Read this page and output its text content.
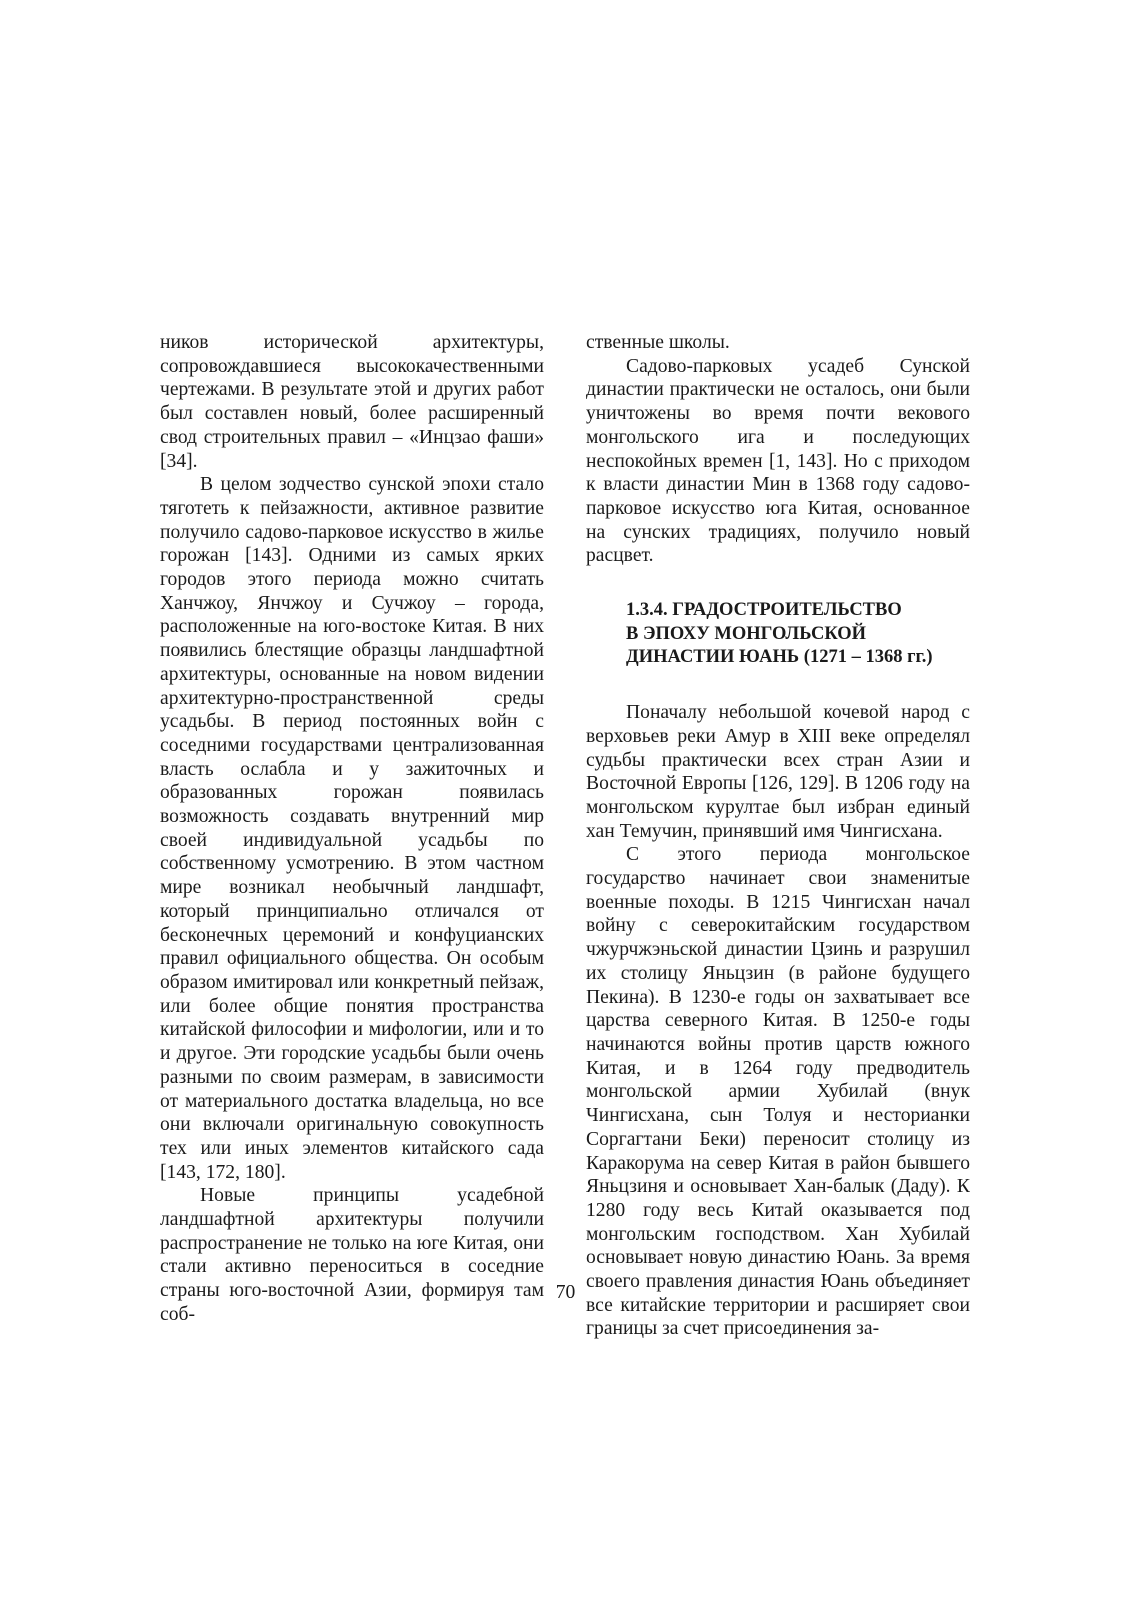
ников исторической архитектуры, сопровождавшиеся высококачественными чертежами. В результате этой и других работ был составлен новый, более расширенный свод строительных правил – «Инцзао фаши» [34].

В целом зодчество сунской эпохи стало тяготеть к пейзажности, активное развитие получило садово-парковое искусство в жилье горожан [143]. Одними из самых ярких городов этого периода можно считать Ханчжоу, Янчжоу и Сучжоу – города, расположенные на юго-востоке Китая. В них появились блестящие образцы ландшафтной архитектуры, основанные на новом видении архитектурно-пространственной среды усадьбы. В период постоянных войн с соседними государствами централизованная власть ослабла и у зажиточных и образованных горожан появилась возможность создавать внутренний мир своей индивидуальной усадьбы по собственному усмотрению. В этом частном мире возникал необычный ландшафт, который принципиально отличался от бесконечных церемоний и конфуцианских правил официального общества. Он особым образом имитировал или конкретный пейзаж, или более общие понятия пространства китайской философии и мифологии, или и то и другое. Эти городские усадьбы были очень разными по своим размерам, в зависимости от материального достатка владельца, но все они включали оригинальную совокупность тех или иных элементов китайского сада [143, 172, 180].

Новые принципы усадебной ландшафтной архитектуры получили распространение не только на юге Китая, они стали активно переноситься в соседние страны юго-восточной Азии, формируя там соб-

ственные школы.

Садово-парковых усадеб Сунской династии практически не осталось, они были уничтожены во время почти векового монгольского ига и последующих неспокойных времен [1, 143]. Но с приходом к власти династии Мин в 1368 году садово-парковое искусство юга Китая, основанное на сунских традициях, получило новый расцвет.

1.3.4. ГРАДОСТРОИТЕЛЬСТВО
В ЭПОХУ МОНГОЛЬСКОЙ
ДИНАСТИИ ЮАНЬ (1271 – 1368 гг.)

Поначалу небольшой кочевой народ с верховьев реки Амур в XIII веке определял судьбы практически всех стран Азии и Восточной Европы [126, 129]. В 1206 году на монгольском курултае был избран единый хан Темучин, принявший имя Чингисхана.

С этого периода монгольское государство начинает свои знаменитые военные походы. В 1215 Чингисхан начал войну с северокитайским государством чжурчжэньской династии Цзинь и разрушил их столицу Яньцзин (в районе будущего Пекина). В 1230-е годы он захватывает все царства северного Китая. В 1250-е годы начинаются войны против царств южного Китая, и в 1264 году предводитель монгольской армии Хубилай (внук Чингисхана, сын Толуя и несторианки Соргагтани Беки) переносит столицу из Каракорума на север Китая в район бывшего Яньцзиня и основывает Хан-балык (Даду). К 1280 году весь Китай оказывается под монгольским господством. Хан Хубилай основывает новую династию Юань. За время своего правления династия Юань объединяет все китайские территории и расширяет свои границы за счет присоединения за-

70
